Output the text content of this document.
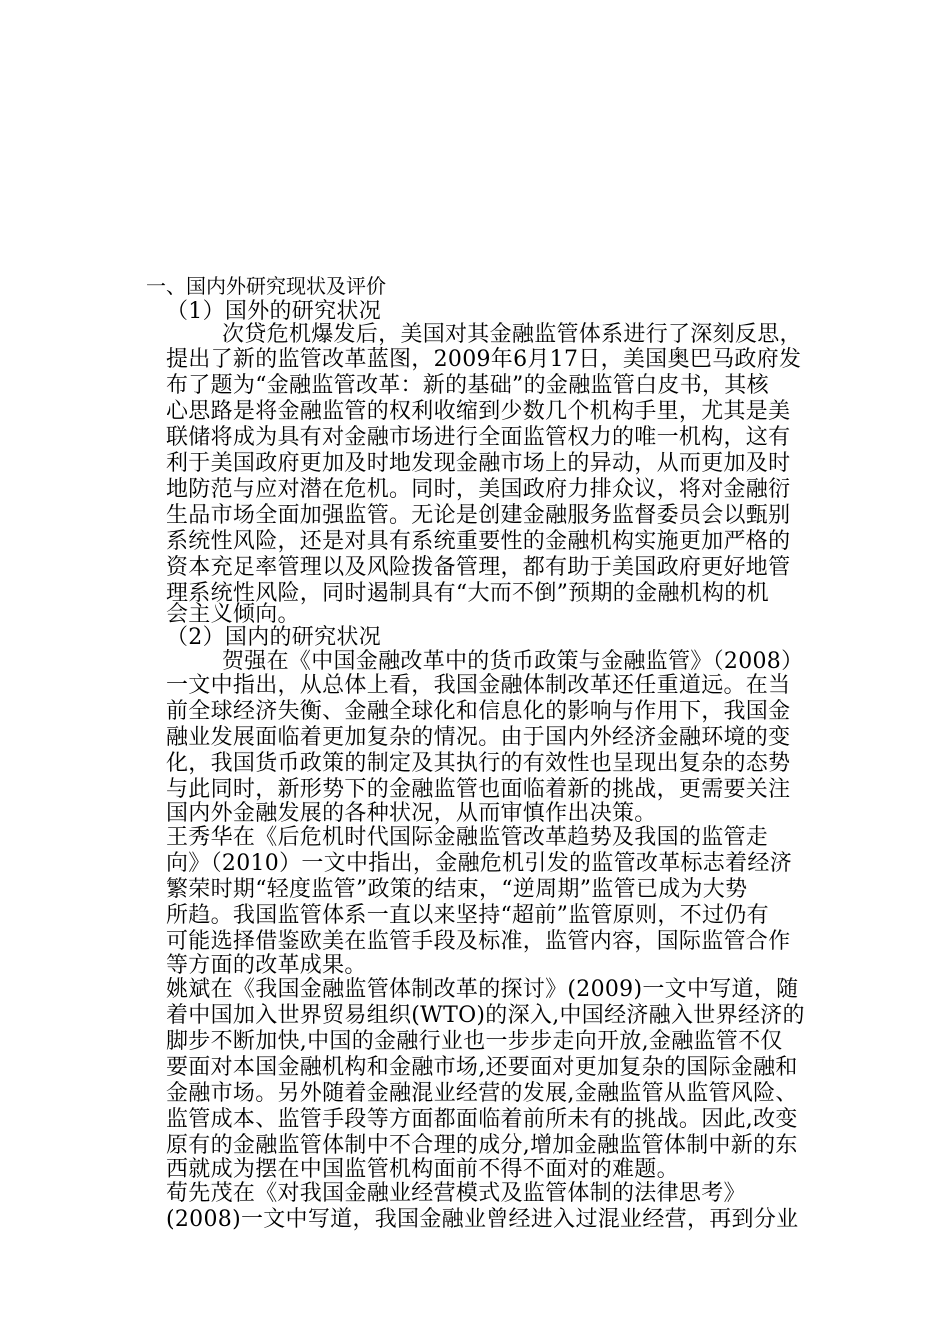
一、国内外研究现状及评价
（1）国外的研究状况
次贷危机爆发后，美国对其金融监管体系进行了深刻反思，
提出了新的监管改革蓝图，2009年6月17日，美国奥巴马政府发
布了题为“金融监管改革：新的基础”的金融监管白皮书，其核
心思路是将金融监管的权利收缩到少数几个机构手里，尤其是美
联储将成为具有对金融市场进行全面监管权力的唯一机构，这有
利于美国政府更加及时地发现金融市场上的异动，从而更加及时
地防范与应对潜在危机。同时，美国政府力排众议，将对金融衍
生品市场全面加强监管。无论是创建金融服务监督委员会以甄别
系统性风险，还是对具有系统重要性的金融机构实施更加严格的
资本充足率管理以及风险拨备管理，都有助于美国政府更好地管
理系统性风险，同时遏制具有“大而不倒”预期的金融机构的机
会主义倾向。
（2）国内的研究状况
贺强在《中国金融改革中的货币政策与金融监管》（2008）
一文中指出，从总体上看，我国金融体制改革还任重道远。在当
前全球经济失衡、金融全球化和信息化的影响与作用下，我国金
融业发展面临着更加复杂的情况。由于国内外经济金融环境的变
化，我国货币政策的制定及其执行的有效性也呈现出复杂的态势
与此同时，新形势下的金融监管也面临着新的挑战，更需要关注
国内外金融发展的各种状况，从而审慎作出决策。
王秀华在《后危机时代国际金融监管改革趋势及我国的监管走
向》（2010）一文中指出，金融危机引发的监管改革标志着经济
繁荣时期“轻度监管”政策的结束，“逆周期”监管已成为大势
所趋。我国监管体系一直以来坚持“超前”监管原则，不过仍有
可能选择借鉴欧美在监管手段及标准，监管内容，国际监管合作
等方面的改革成果。
姚斌在《我国金融监管体制改革的探讨》(2009)一文中写道，随
着中国加入世界贸易组织(WTO)的深入,中国经济融入世界经济的
脚步不断加快,中国的金融行业也一步步走向开放,金融监管不仅
要面对本国金融机构和金融市场,还要面对更加复杂的国际金融和
金融市场。另外随着金融混业经营的发展,金融监管从监管风险、
监管成本、监管手段等方面都面临着前所未有的挑战。因此,改变
原有的金融监管体制中不合理的成分,增加金融监管体制中新的东
西就成为摆在中国监管机构面前不得不面对的难题。
荀先茂在《对我国金融业经营模式及监管体制的法律思考》
(2008)一文中写道，我国金融业曾经进入过混业经营，再到分业
